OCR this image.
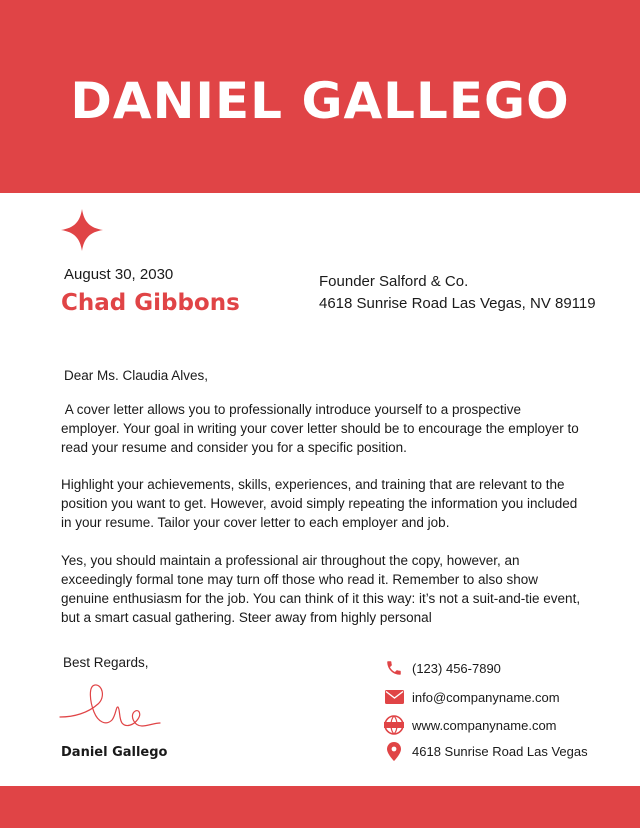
DANIEL GALLEGO
August 30, 2030
Chad Gibbons
Founder Salford & Co.
4618 Sunrise Road Las Vegas, NV 89119
Dear Ms. Claudia Alves,

A cover letter allows you to professionally introduce yourself to a prospective employer. Your goal in writing your cover letter should be to encourage the employer to read your resume and consider you for a specific position.

Highlight your achievements, skills, experiences, and training that are relevant to the position you want to get. However, avoid simply repeating the information you included in your resume. Tailor your cover letter to each employer and job.

Yes, you should maintain a professional air throughout the copy, however, an exceedingly formal tone may turn off those who read it. Remember to also show genuine enthusiasm for the job. You can think of it this way: it’s not a suit-and-tie event, but a smart casual gathering. Steer away from highly personal

Best Regards,
Daniel Gallego
(123) 456-7890
info@companyname.com
www.companyname.com
4618 Sunrise Road Las Vegas
